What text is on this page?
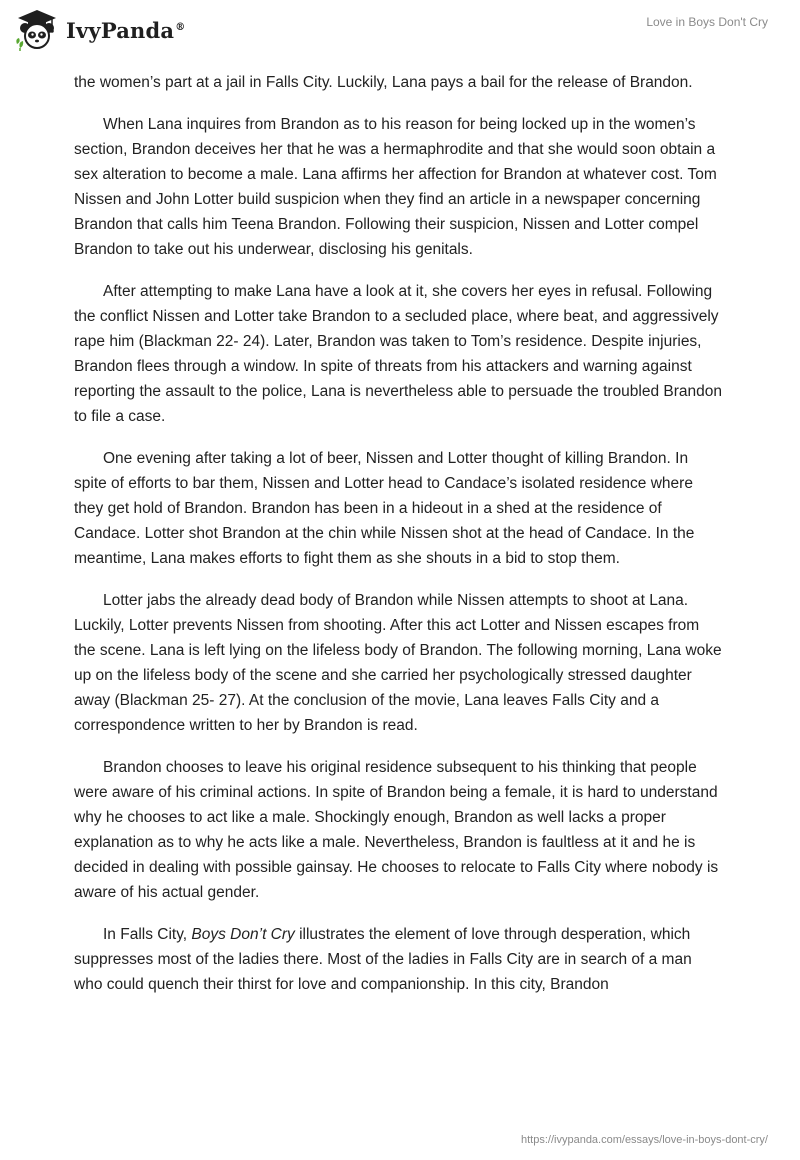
IvyPanda®	Love in Boys Don't Cry

the women’s part at a jail in Falls City. Luckily, Lana pays a bail for the release of Brandon.

When Lana inquires from Brandon as to his reason for being locked up in the women’s section, Brandon deceives her that he was a hermaphrodite and that she would soon obtain a sex alteration to become a male. Lana affirms her affection for Brandon at whatever cost. Tom Nissen and John Lotter build suspicion when they find an article in a newspaper concerning Brandon that calls him Teena Brandon. Following their suspicion, Nissen and Lotter compel Brandon to take out his underwear, disclosing his genitals.

After attempting to make Lana have a look at it, she covers her eyes in refusal. Following the conflict Nissen and Lotter take Brandon to a secluded place, where beat, and aggressively rape him (Blackman 22- 24). Later, Brandon was taken to Tom’s residence. Despite injuries, Brandon flees through a window. In spite of threats from his attackers and warning against reporting the assault to the police, Lana is nevertheless able to persuade the troubled Brandon to file a case.

One evening after taking a lot of beer, Nissen and Lotter thought of killing Brandon. In spite of efforts to bar them, Nissen and Lotter head to Candace’s isolated residence where they get hold of Brandon. Brandon has been in a hideout in a shed at the residence of Candace. Lotter shot Brandon at the chin while Nissen shot at the head of Candace. In the meantime, Lana makes efforts to fight them as she shouts in a bid to stop them.

Lotter jabs the already dead body of Brandon while Nissen attempts to shoot at Lana. Luckily, Lotter prevents Nissen from shooting. After this act Lotter and Nissen escapes from the scene. Lana is left lying on the lifeless body of Brandon. The following morning, Lana woke up on the lifeless body of the scene and she carried her psychologically stressed daughter away (Blackman 25- 27). At the conclusion of the movie, Lana leaves Falls City and a correspondence written to her by Brandon is read.

Brandon chooses to leave his original residence subsequent to his thinking that people were aware of his criminal actions. In spite of Brandon being a female, it is hard to understand why he chooses to act like a male. Shockingly enough, Brandon as well lacks a proper explanation as to why he acts like a male. Nevertheless, Brandon is faultless at it and he is decided in dealing with possible gainsay. He chooses to relocate to Falls City where nobody is aware of his actual gender.

In Falls City, Boys Don’t Cry illustrates the element of love through desperation, which suppresses most of the ladies there. Most of the ladies in Falls City are in search of a man who could quench their thirst for love and companionship. In this city, Brandon

https://ivypanda.com/essays/love-in-boys-dont-cry/
